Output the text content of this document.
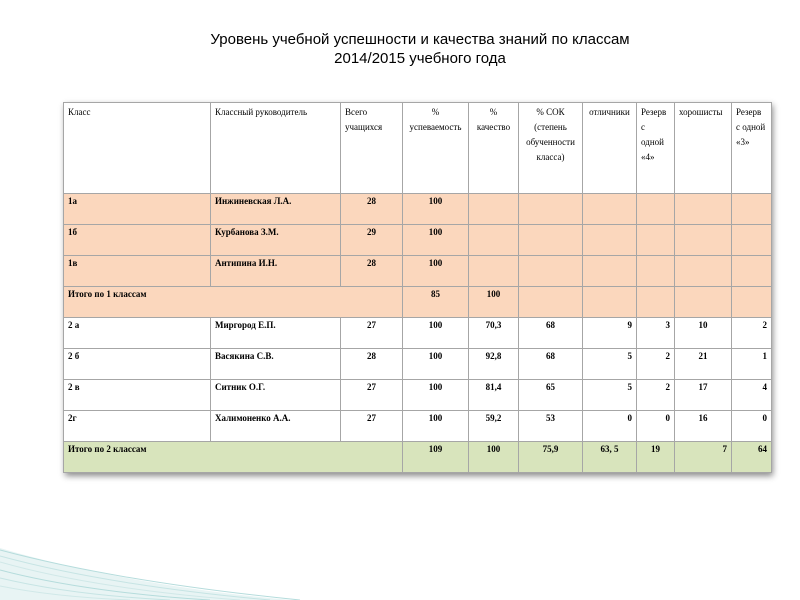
Уровень учебной успешности и качества знаний по классам
2014/2015 учебного года
Класс	Классный руководитель	Всего учащихся	% успеваемость	% качество	% СОК (степень обученности класса)	отличники	Резерв с одной «4»	хорошисты	Резерв с одной «3»	
1а	Инжиневская Л.А.	28	100							
1б	Курбанова З.М.	29	100							
1в	Антипина И.Н.	28	100							
Итого по 1 классам			85	100						
2 а	Миргород Е.П.	27	100	70,3	68	9	3	10	2	
2 б	Васякина С.В.	28	100	92,8	68	5	2	21	1	
2 в	Ситник О.Г.	27	100	81,4	65	5	2	17	4	
2г	Халимоненко А.А.	27	100	59,2	53	0	0	16	0	
Итого по 2 классам			109	100	75,9	63, 5	19	7	64	
